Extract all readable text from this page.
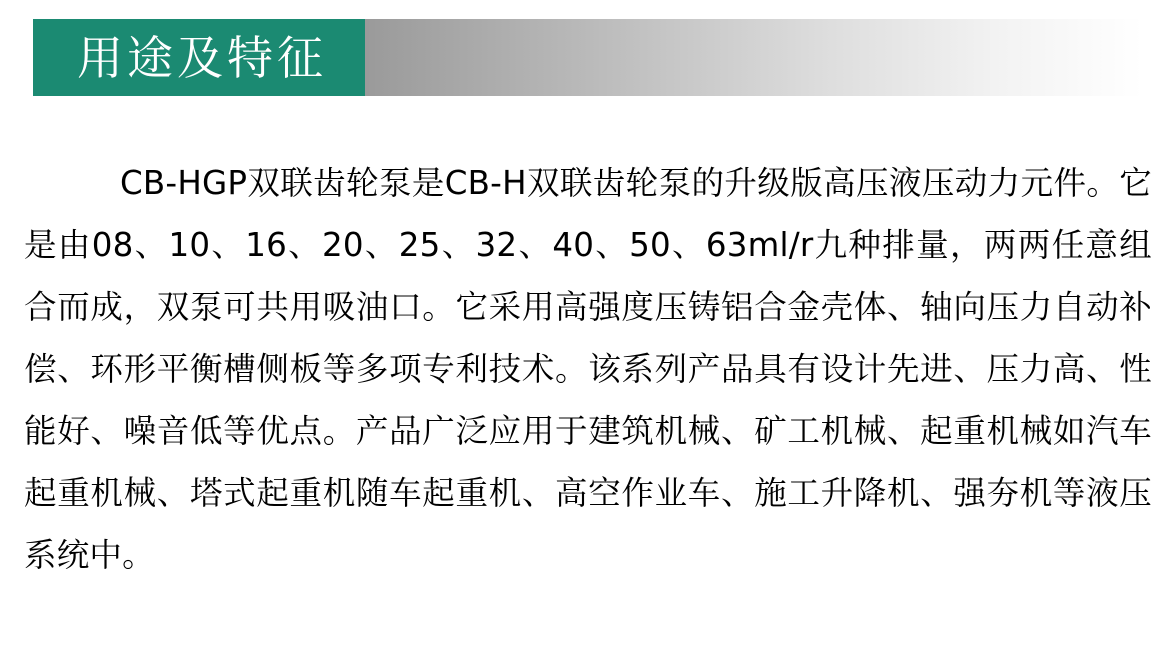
用途及特征
CB-HGP双联齿轮泵是CB-H双联齿轮泵的升级版高压液压动力元件。它是由08、10、16、20、25、32、40、50、63ml/r九种排量，两两任意组合而成，双泵可共用吸油口。它采用高强度压铸铝合金壳体、轴向压力自动补偿、环形平衡槽侧板等多项专利技术。该系列产品具有设计先进、压力高、性能好、噪音低等优点。产品广泛应用于建筑机械、矿工机械、起重机械如汽车起重机械、塔式起重机随车起重机、高空作业车、施工升降机、强夯机等液压系统中。
